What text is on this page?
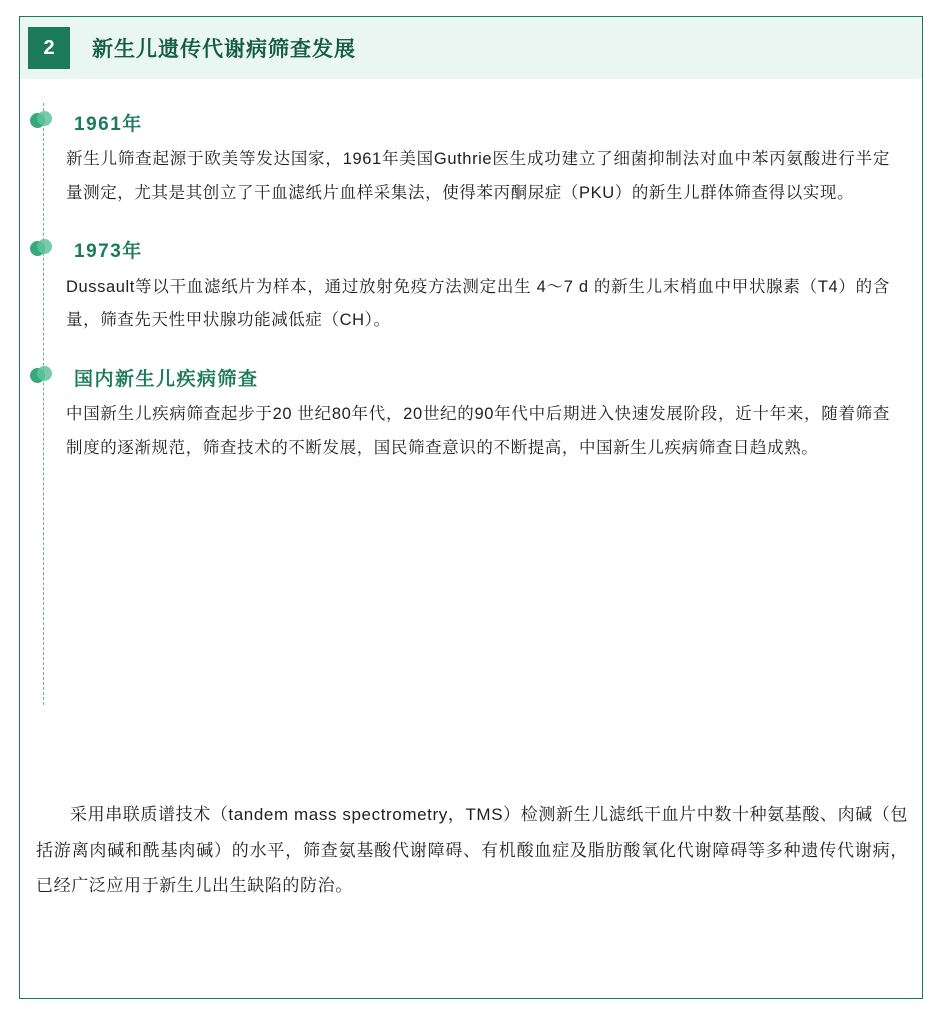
2	新生儿遗传代谢病筛查发展
1961年

新生儿筛查起源于欧美等发达国家，1961年美国Guthrie医生成功建立了细菌抑制法对血中苯丙氨酸进行半定量测定，尤其是其创立了干血滤纸片血样采集法，使得苯丙酮尿症（PKU）的新生儿群体筛查得以实现。

1973年

Dussault等以干血滤纸片为样本，通过放射免疫方法测定出生 4～7 d 的新生儿末梢血中甲状腺素（T4）的含量，筛查先天性甲状腺功能减低症（CH）。

国内新生儿疾病筛查

中国新生儿疾病筛查起步于20 世纪80年代，20世纪的90年代中后期进入快速发展阶段，近十年来，随着筛查制度的逐渐规范，筛查技术的不断发展，国民筛查意识的不断提高，中国新生儿疾病筛查日趋成熟。

采用串联质谱技术（tandem mass spectrometry，TMS）检测新生儿滤纸干血片中数十种氨基酸、肉碱（包括游离肉碱和酰基肉碱）的水平，筛查氨基酸代谢障碍、有机酸血症及脂肪酸氧化代谢障碍等多种遗传代谢病，已经广泛应用于新生儿出生缺陷的防治。
